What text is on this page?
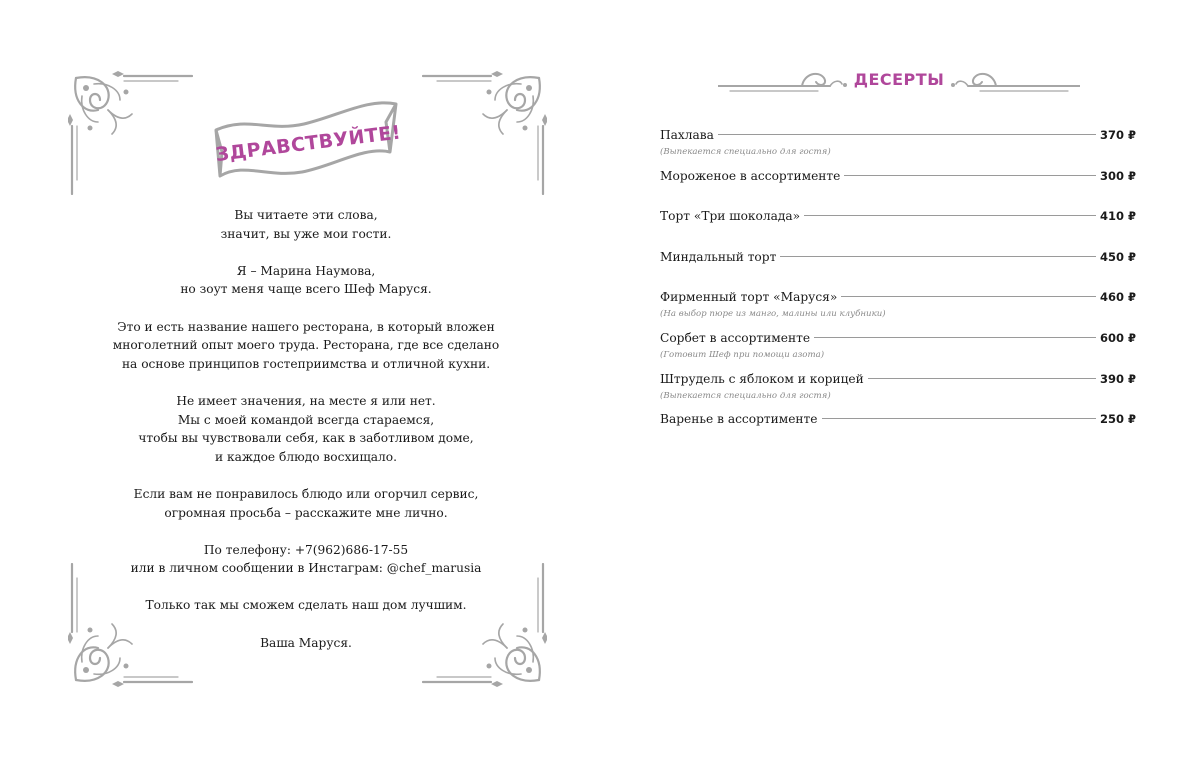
ЗДРАВСТВУЙТЕ!

Вы читаете эти слова,
значит, вы уже мои гости.

Я – Марина Наумова,
но зоут меня чаще всего Шеф Маруся.

Это и есть название нашего ресторана, в который вложен
многолетний опыт моего труда. Ресторана, где все сделано
на основе принципов гостеприимства и отличной кухни.

Не имеет значения, на месте я или нет.
Мы с моей командой всегда стараемся,
чтобы вы чувствовали себя, как в заботливом доме,
и каждое блюдо восхищало.

Если вам не понравилось блюдо или огорчил сервис,
огромная просьба – расскажите мне лично.

По телефону: +7(962)686-17-55
или в личном сообщении в Инстаграм: @chef_marusia

Только так мы сможем сделать наш дом лучшим.

Ваша Маруся.

ДЕСЕРТЫ
Пахлава	370 ₽
(Выпекается специально для гостя)
Мороженое в ассортименте	300 ₽
Торт «Три шоколада»	410 ₽
Миндальный торт	450 ₽
Фирменный торт «Маруся»	460 ₽
(На выбор пюре из манго, малины или клубники)
Сорбет в ассортименте	600 ₽
(Готовит Шеф при помощи азота)
Штрудель с яблоком и корицей	390 ₽
(Выпекается специально для гостя)
Варенье в ассортименте	250 ₽
